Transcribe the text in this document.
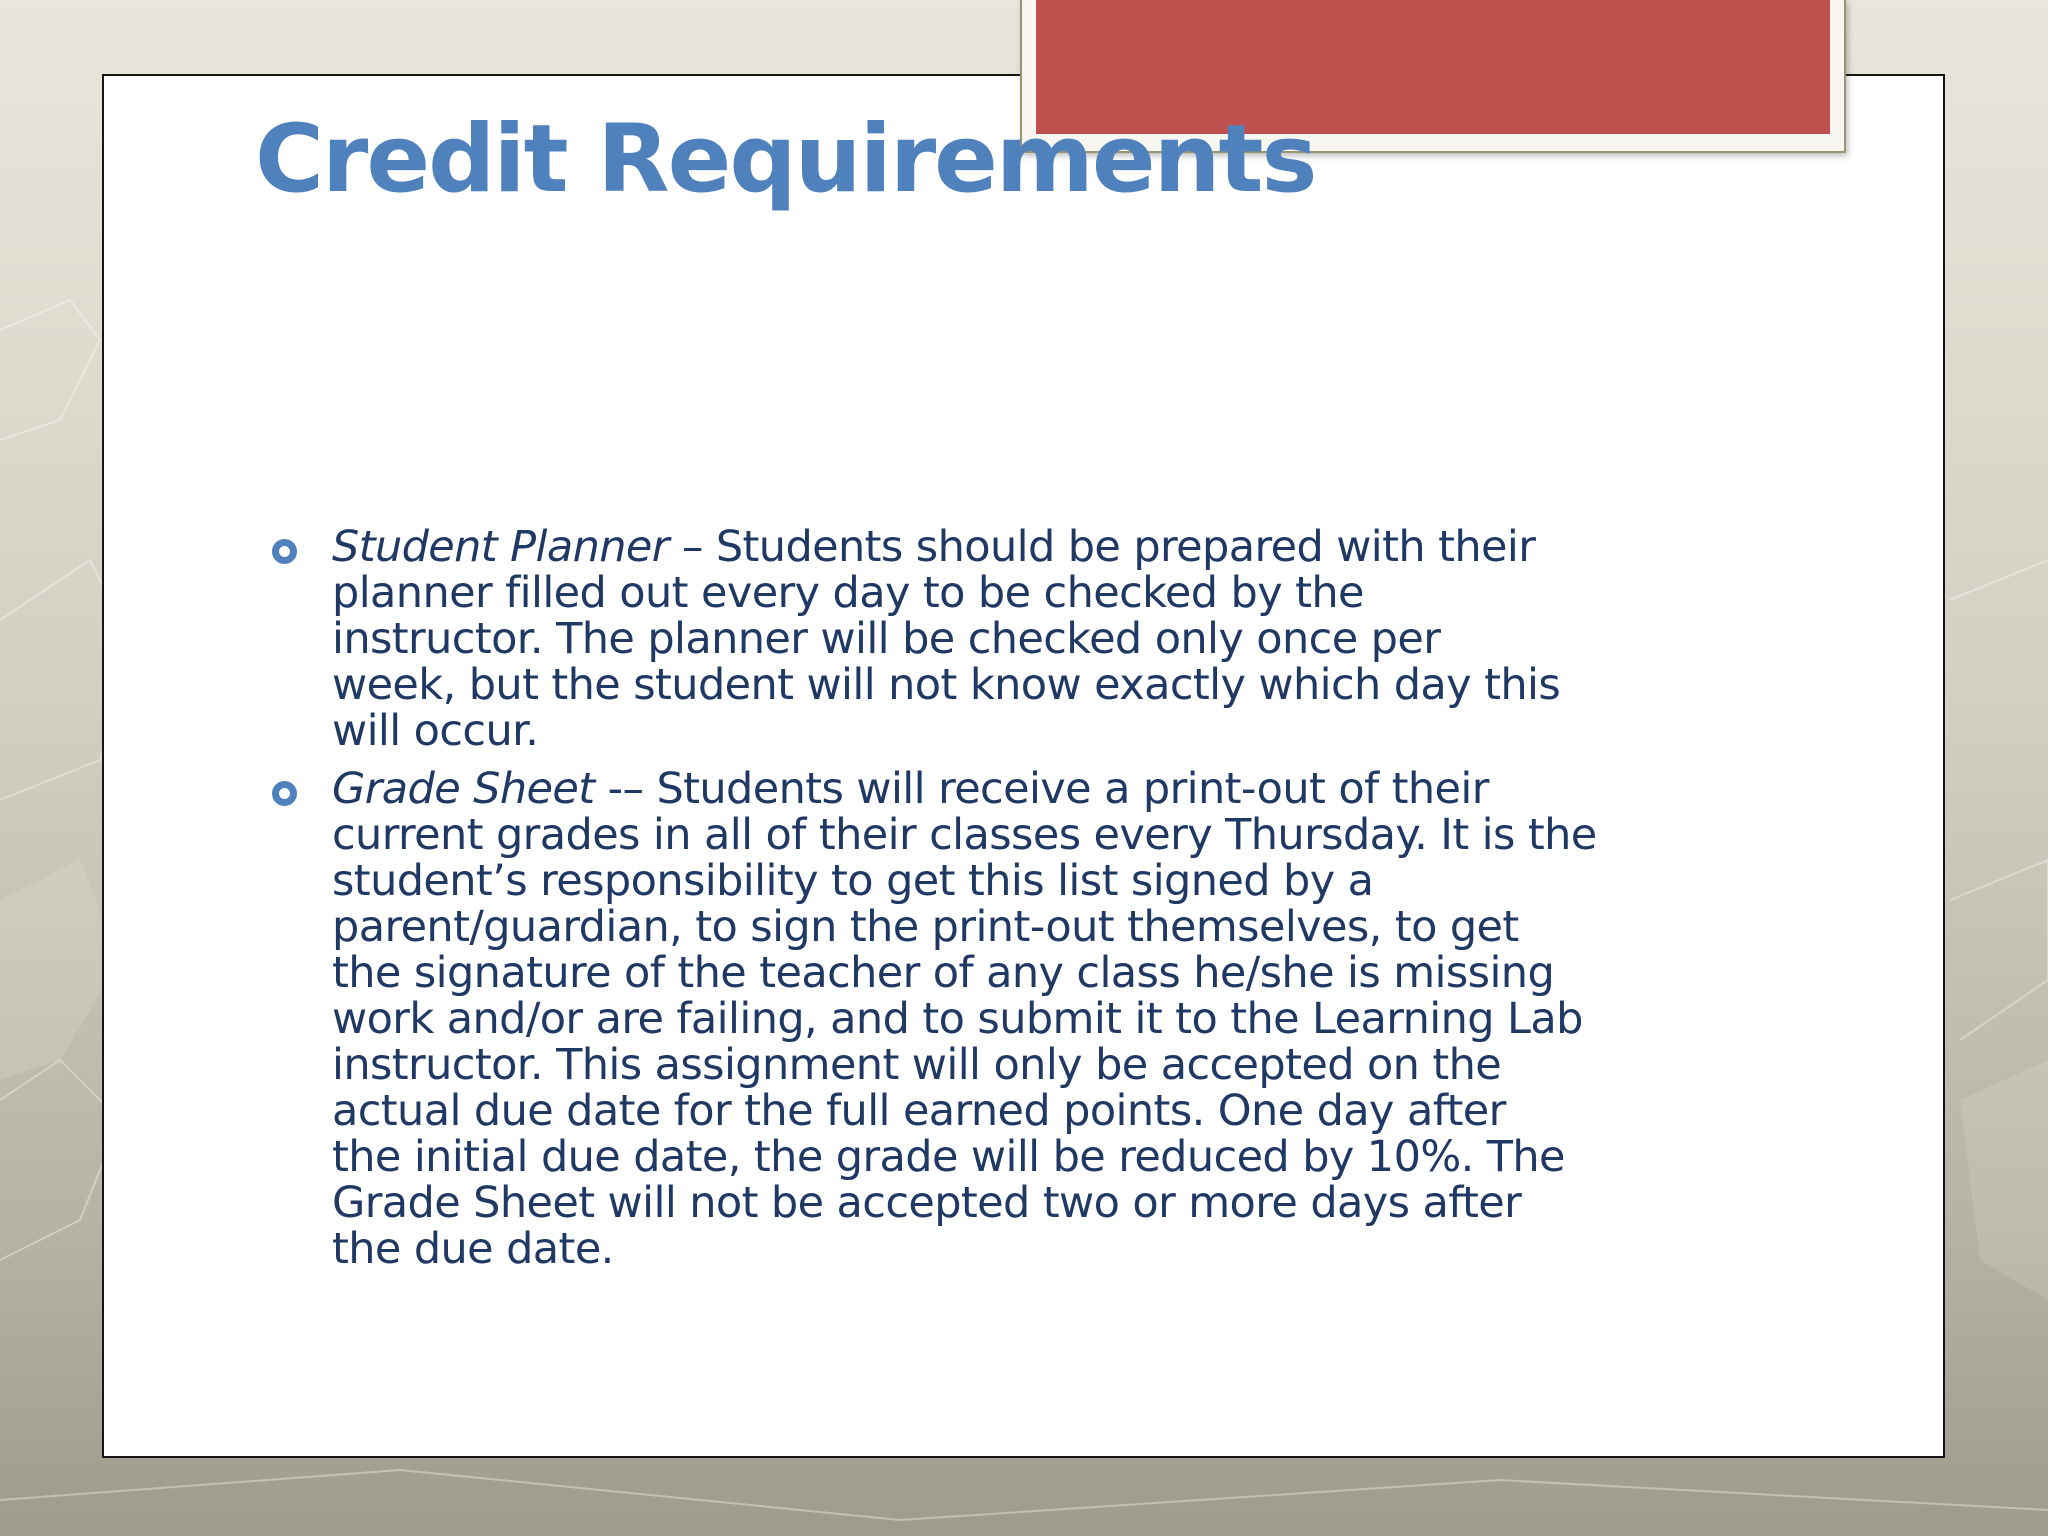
Credit Requirements
Student Planner – Students should be prepared with their
planner filled out every day to be checked by the
instructor. The planner will be checked only once per
week, but the student will not know exactly which day this
will occur.
Grade Sheet -– Students will receive a print-out of their
current grades in all of their classes every Thursday. It is the
student’s responsibility to get this list signed by a
parent/guardian, to sign the print-out themselves, to get
the signature of the teacher of any class he/she is missing
work and/or are failing, and to submit it to the Learning Lab
instructor. This assignment will only be accepted on the
actual due date for the full earned points. One day after
the initial due date, the grade will be reduced by 10%. The
Grade Sheet will not be accepted two or more days after
the due date.
